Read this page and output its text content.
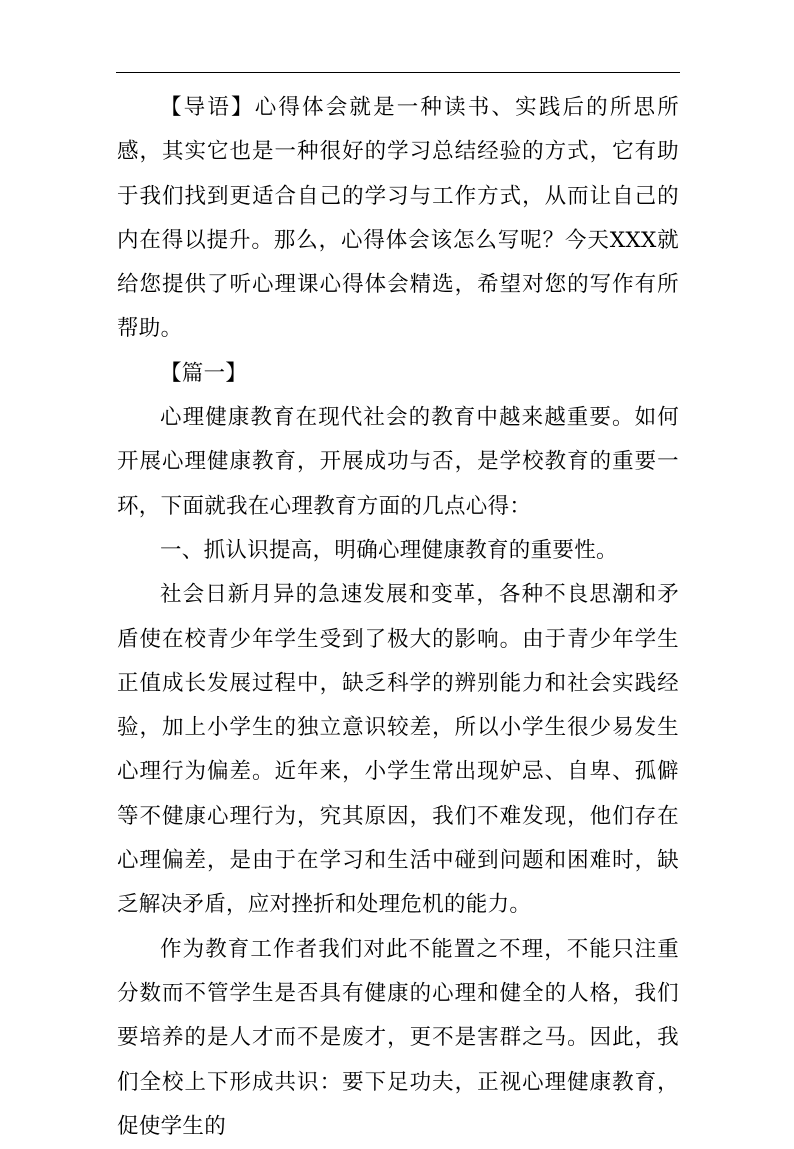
【导语】心得体会就是一种读书、实践后的所思所感，其实它也是一种很好的学习总结经验的方式，它有助于我们找到更适合自己的学习与工作方式，从而让自己的内在得以提升。那么，心得体会该怎么写呢？今天XXX就给您提供了听心理课心得体会精选，希望对您的写作有所帮助。

【篇一】

心理健康教育在现代社会的教育中越来越重要。如何开展心理健康教育，开展成功与否，是学校教育的重要一环，下面就我在心理教育方面的几点心得：

一、抓认识提高，明确心理健康教育的重要性。

社会日新月异的急速发展和变革，各种不良思潮和矛盾使在校青少年学生受到了极大的影响。由于青少年学生正值成长发展过程中，缺乏科学的辨别能力和社会实践经验，加上小学生的独立意识较差，所以小学生很少易发生心理行为偏差。近年来，小学生常出现妒忌、自卑、孤僻等不健康心理行为，究其原因，我们不难发现，他们存在心理偏差，是由于在学习和生活中碰到问题和困难时，缺乏解决矛盾，应对挫折和处理危机的能力。

作为教育工作者我们对此不能置之不理，不能只注重分数而不管学生是否具有健康的心理和健全的人格，我们要培养的是人才而不是废才，更不是害群之马。因此，我们全校上下形成共识：要下足功夫，正视心理健康教育，促使学生的
